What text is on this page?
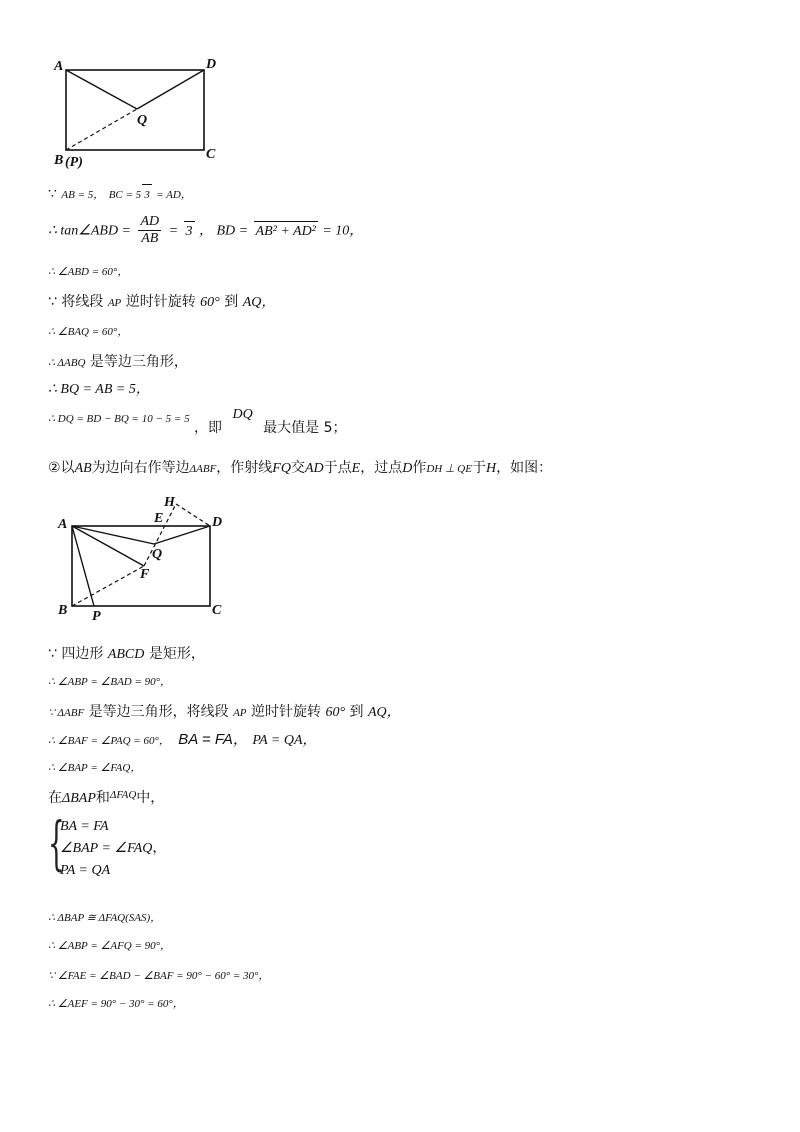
A	D
Q
B (P)
C
∵ AB = 5， BC = 5 3 = AD，
∴ tan∠ABD = $\frac{AD}{AB} = 3$ ， BD = AB² + AD² = 10，
∴ ∠ABD = 60°，
∵ 将线段 AP 逆时针旋转 60° 到 AQ，
∴ ∠BAQ = 60°，
∴ ΔABQ 是等边三角形，
∴ BQ = AB = 5，
∴ DQ = BD − BQ = 10 − 5 = 5 ，即 DQ 最大值是 5；
②以AB为边向右作等边ΔABF，作射线FQ交AD于点E，过点D作DH ⊥ QE于H，如图：
H
E
A	D
Q
F
B P	C
∵ 四边形 ABCD 是矩形，
∴ ∠ABP = ∠BAD = 90°，
∵ ΔABF 是等边三角形，将线段 AP 逆时针旋转 60° 到 AQ，
∴ ∠BAF = ∠PAQ = 60°， BA = FA， PA = QA，
∴ ∠BAP = ∠FAQ，
在ΔBAP和$^{\Delta FAQ}$中，
{
BA = FA
∠BAP = ∠FAQ，
PA = QA
∴ ΔBAP ≅ ΔFAQ(SAS)，
∴ ∠ABP = ∠AFQ = 90°，
∵ ∠FAE = ∠BAD − ∠BAF = 90° − 60° = 30°，
∴ ∠AEF = 90° − 30° = 60°，
